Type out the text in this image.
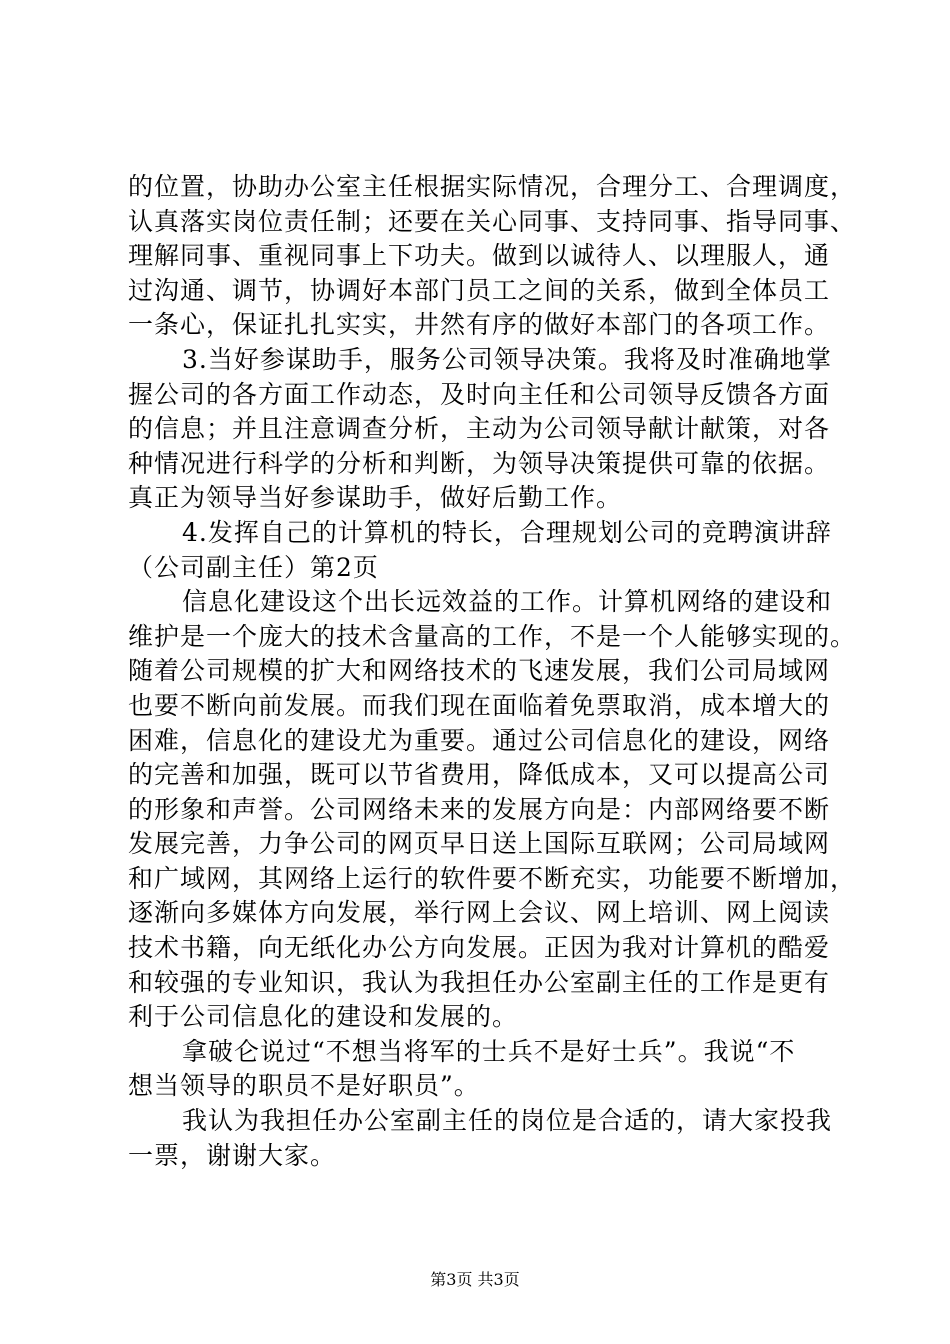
的位置，协助办公室主任根据实际情况，合理分工、合理调度，
认真落实岗位责任制；还要在关心同事、支持同事、指导同事、
理解同事、重视同事上下功夫。做到以诚待人、以理服人，通
过沟通、调节，协调好本部门员工之间的关系，做到全体员工
一条心，保证扎扎实实，井然有序的做好本部门的各项工作。
3.当好参谋助手，服务公司领导决策。我将及时准确地掌
握公司的各方面工作动态，及时向主任和公司领导反馈各方面
的信息；并且注意调查分析，主动为公司领导献计献策，对各
种情况进行科学的分析和判断，为领导决策提供可靠的依据。
真正为领导当好参谋助手，做好后勤工作。
4.发挥自己的计算机的特长，合理规划公司的竞聘演讲辞
（公司副主任）第2页
信息化建设这个出长远效益的工作。计算机网络的建设和
维护是一个庞大的技术含量高的工作，不是一个人能够实现的。
随着公司规模的扩大和网络技术的飞速发展，我们公司局域网
也要不断向前发展。而我们现在面临着免票取消，成本增大的
困难，信息化的建设尤为重要。通过公司信息化的建设，网络
的完善和加强，既可以节省费用，降低成本，又可以提高公司
的形象和声誉。公司网络未来的发展方向是：内部网络要不断
发展完善，力争公司的网页早日送上国际互联网；公司局域网
和广域网，其网络上运行的软件要不断充实，功能要不断增加，
逐渐向多媒体方向发展，举行网上会议、网上培训、网上阅读
技术书籍，向无纸化办公方向发展。正因为我对计算机的酷爱
和较强的专业知识，我认为我担任办公室副主任的工作是更有
利于公司信息化的建设和发展的。
拿破仑说过“不想当将军的士兵不是好士兵”。我说“不
想当领导的职员不是好职员”。
我认为我担任办公室副主任的岗位是合适的，请大家投我
一票，谢谢大家。
第3页 共3页
